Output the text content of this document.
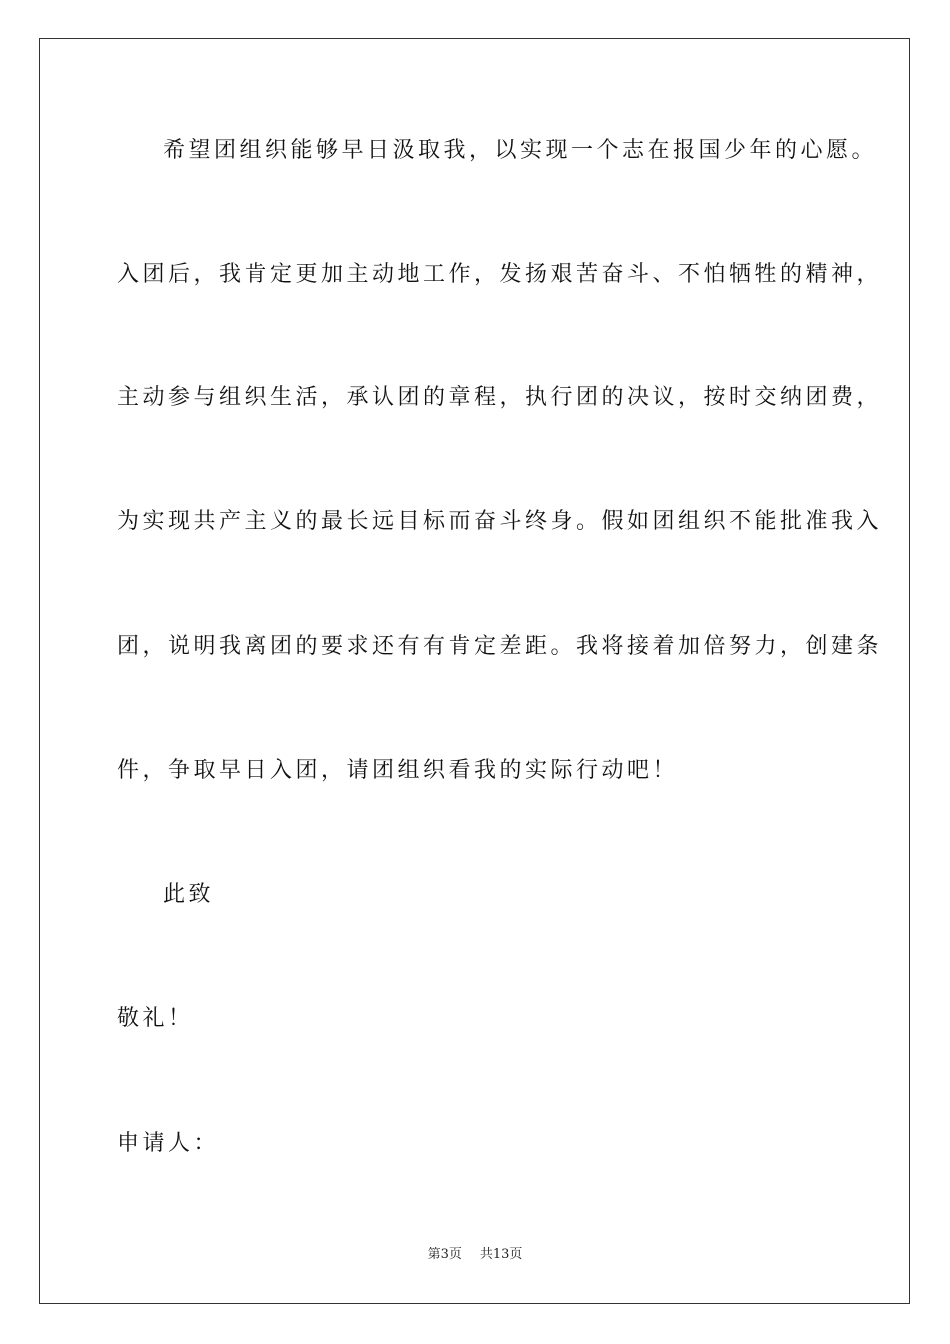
希望团组织能够早日汲取我，以实现一个志在报国少年的心愿。
入团后，我肯定更加主动地工作，发扬艰苦奋斗、不怕牺牲的精神，
主动参与组织生活，承认团的章程，执行团的决议，按时交纳团费，
为实现共产主义的最长远目标而奋斗终身。假如团组织不能批准我入
团，说明我离团的要求还有有肯定差距。我将接着加倍努力，创建条
件，争取早日入团，请团组织看我的实际行动吧！
此致
敬礼！
申请人：
第3页 共13页
